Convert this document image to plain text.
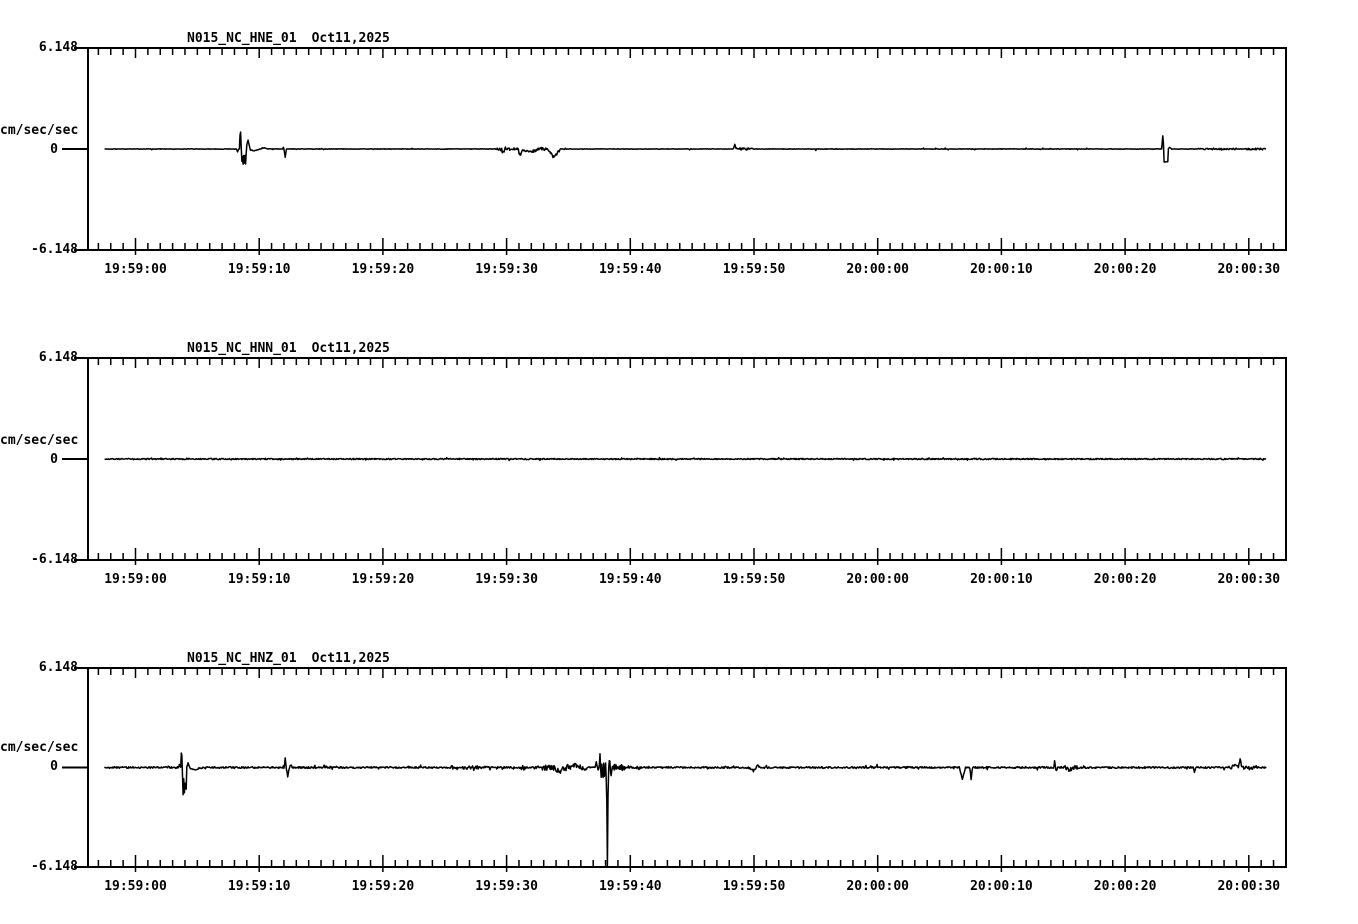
N015_NC_HNE_01 Oct11,2025
6.148
cm/sec/sec
0
-6.148
N015_NC_HNN_01 Oct11,2025
6.148
cm/sec/sec
0
-6.148
N015_NC_HNZ_01 Oct11,2025
6.148
cm/sec/sec
0
-6.148
19:59:00	19:59:10	19:59:20	19:59:30	19:59:40	19:59:50	20:00:00	20:00:10	20:00:20	20:00:30
19:59:00	19:59:10	19:59:20	19:59:30	19:59:40	19:59:50	20:00:00	20:00:10	20:00:20	20:00:30
19:59:00	19:59:10	19:59:20	19:59:30	19:59:40	19:59:50	20:00:00	20:00:10	20:00:20	20:00:30
